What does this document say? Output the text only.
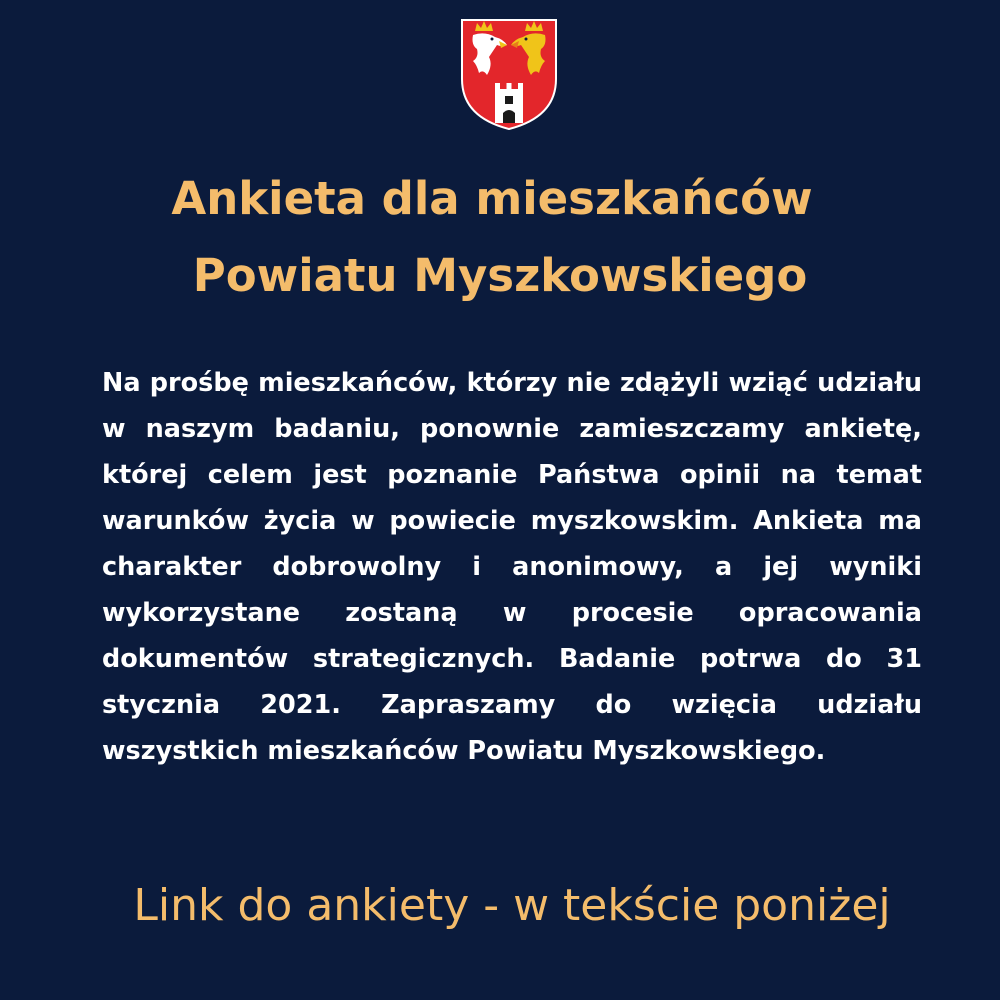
Ankieta dla mieszkańców
Powiatu Myszkowskiego

Na prośbę mieszkańców, którzy nie zdążyli wziąć udziału w naszym badaniu, ponownie zamieszczamy ankietę, której celem jest poznanie Państwa opinii na temat warunków życia w powiecie myszkowskim. Ankieta ma charakter dobrowolny i anonimowy, a jej wyniki wykorzystane zostaną w procesie opracowania dokumentów strategicznych. Badanie potrwa do 31 stycznia 2021. Zapraszamy do wzięcia udziału wszystkich mieszkańców Powiatu Myszkowskiego.

Link do ankiety - w tekście poniżej
